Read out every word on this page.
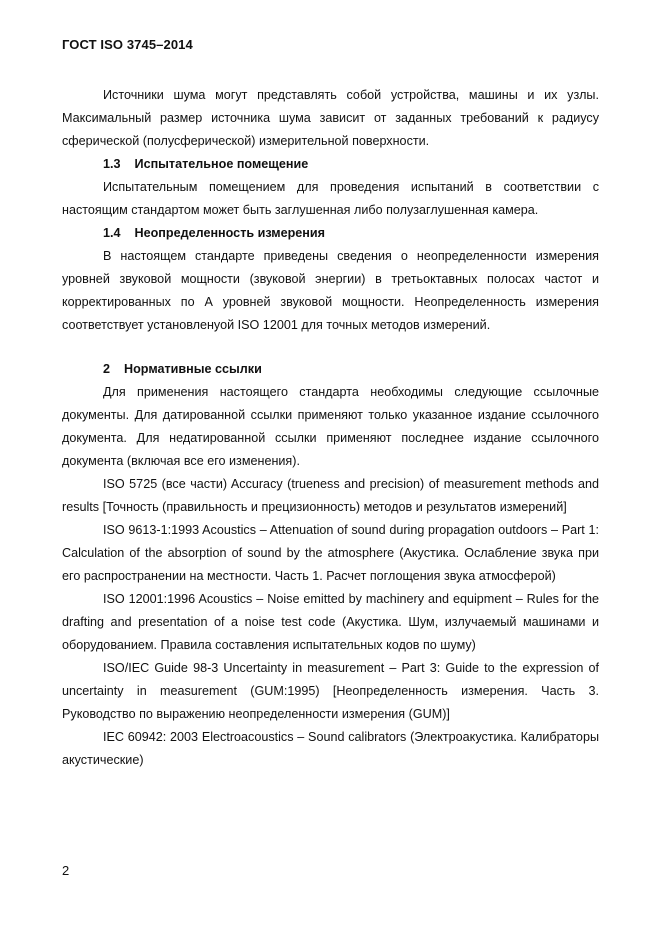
ГОСТ ISO 3745–2014

Источники шума могут представлять собой устройства, машины и их узлы. Максимальный размер источника шума зависит от заданных требований к радиусу сферической (полусферической) измерительной поверхности.

1.3 Испытательное помещение

Испытательным помещением для проведения испытаний в соответствии с настоящим стандартом может быть заглушенная либо полузаглушенная камера.

1.4 Неопределенность измерения

В настоящем стандарте приведены сведения о неопределенности измерения уровней звуковой мощности (звуковой энергии) в третьоктавных полосах частот и корректированных по А уровней звуковой мощности. Неопределенность измерения соответствует установленуой ISO 12001 для точных методов измерений.

2 Нормативные ссылки

Для применения настоящего стандарта необходимы следующие ссылочные документы. Для датированной ссылки применяют только указанное издание ссылочного документа. Для недатированной ссылки применяют последнее издание ссылочного документа (включая все его изменения).

ISO 5725 (все части) Accuracy (trueness and precision) of measurement methods and results [Точность (правильность и прецизионность) методов и результатов измерений]

ISO 9613-1:1993 Acoustics – Attenuation of sound during propagation outdoors – Part 1: Calculation of the absorption of sound by the atmosphere (Акустика. Ослабление звука при его распространении на местности. Часть 1. Расчет поглощения звука атмосферой)

ISO 12001:1996 Acoustics – Noise emitted by machinery and equipment – Rules for the drafting and presentation of a noise test code (Акустика. Шум, излучаемый машинами и оборудованием. Правила составления испытательных кодов по шуму)

ISO/IEC Guide 98-3 Uncertainty in measurement – Part 3: Guide to the expression of uncertainty in measurement (GUM:1995) [Неопределенность измерения. Часть 3. Руководство по выражению неопределенности измерения (GUM)]

IEC 60942: 2003 Electroacoustics – Sound calibrators (Электроакустика. Калибраторы акустические)

2
